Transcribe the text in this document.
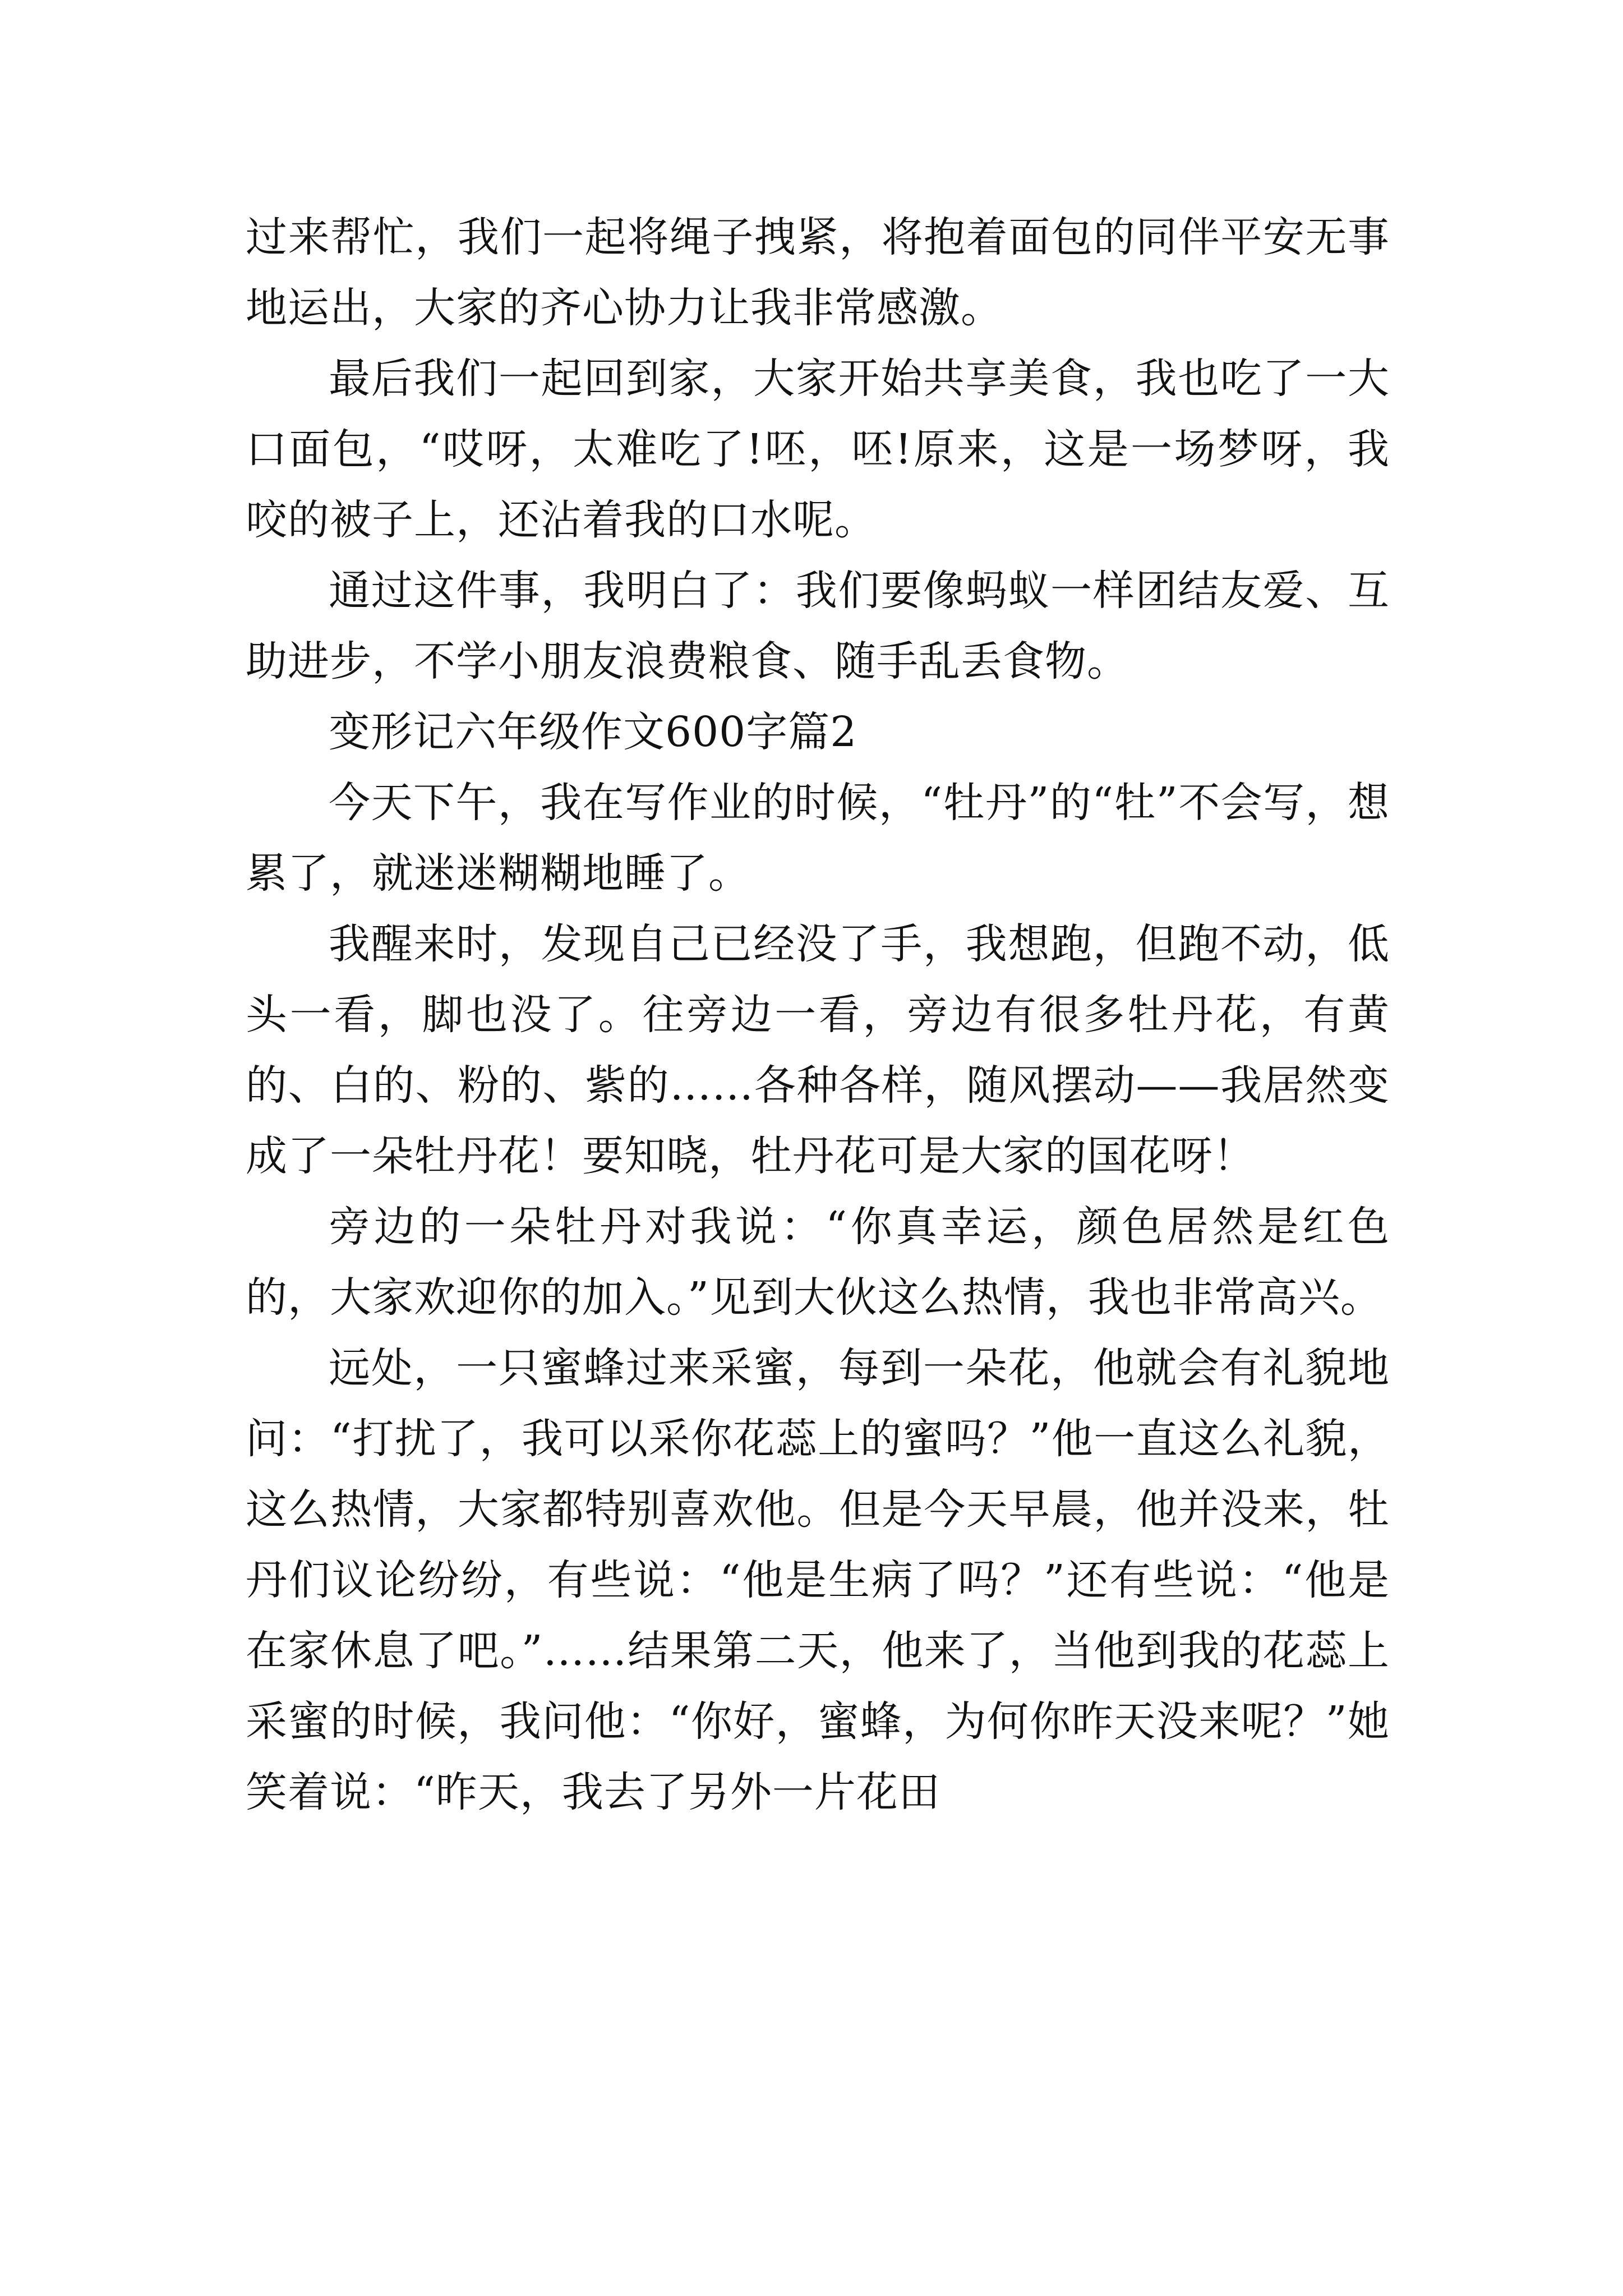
过来帮忙，我们一起将绳子拽紧，将抱着面包的同伴平安无事地运出，大家的齐心协力让我非常感激。

最后我们一起回到家，大家开始共享美食，我也吃了一大口面包，“哎呀，太难吃了!呸，呸!原来，这是一场梦呀，我咬的被子上，还沾着我的口水呢。

通过这件事，我明白了：我们要像蚂蚁一样团结友爱、互助进步，不学小朋友浪费粮食、随手乱丢食物。

变形记六年级作文600字篇2

今天下午，我在写作业的时候，“牡丹”的“牡”不会写，想累了，就迷迷糊糊地睡了。

我醒来时，发现自己已经没了手，我想跑，但跑不动，低头一看，脚也没了。往旁边一看，旁边有很多牡丹花，有黄的、白的、粉的、紫的……各种各样，随风摆动——我居然变成了一朵牡丹花！要知晓，牡丹花可是大家的国花呀！

旁边的一朵牡丹对我说：“你真幸运，颜色居然是红色的，大家欢迎你的加入。”见到大伙这么热情，我也非常高兴。

远处，一只蜜蜂过来采蜜，每到一朵花，他就会有礼貌地问：“打扰了，我可以采你花蕊上的蜜吗？”他一直这么礼貌，这么热情，大家都特别喜欢他。但是今天早晨，他并没来，牡丹们议论纷纷，有些说：“他是生病了吗？”还有些说：“他是在家休息了吧。”……结果第二天，他来了，当他到我的花蕊上采蜜的时候，我问他：“你好，蜜蜂，为何你昨天没来呢？”她笑着说：“昨天，我去了另外一片花田
